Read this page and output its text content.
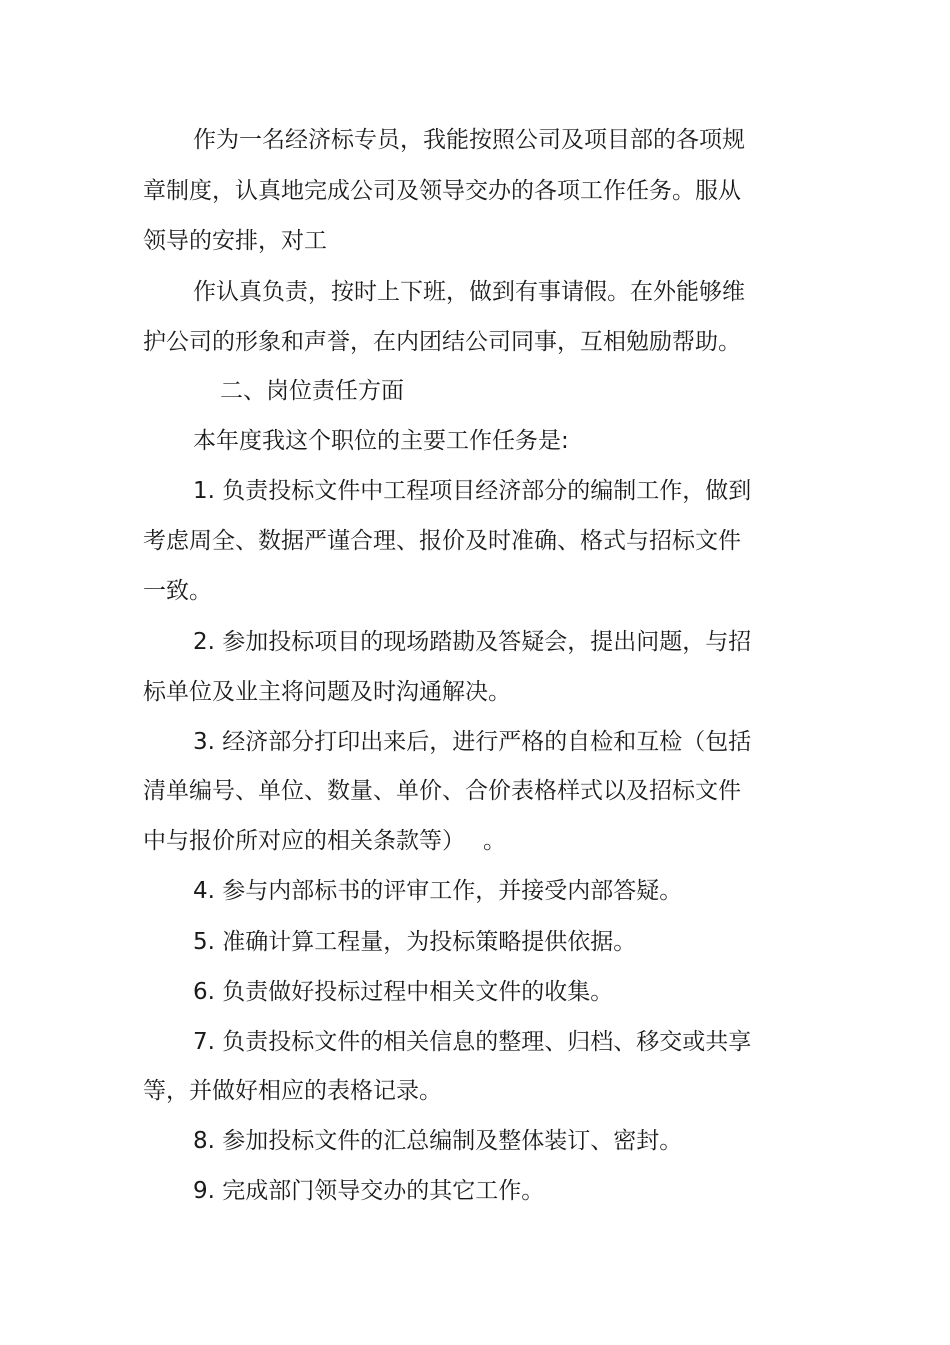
作为一名经济标专员，我能按照公司及项目部的各项规
章制度，认真地完成公司及领导交办的各项工作任务。服从
领导的安排，对工
作认真负责，按时上下班，做到有事请假。在外能够维
护公司的形象和声誉，在内团结公司同事，互相勉励帮助。
二、岗位责任方面
本年度我这个职位的主要工作任务是:
1. 负责投标文件中工程项目经济部分的编制工作，做到
考虑周全、数据严谨合理、报价及时准确、格式与招标文件
一致。
2. 参加投标项目的现场踏勘及答疑会，提出问题，与招
标单位及业主将问题及时沟通解决。
3. 经济部分打印出来后，进行严格的自检和互检（包括
清单编号、单位、数量、单价、合价表格样式以及招标文件
中与报价所对应的相关条款等） 。
4. 参与内部标书的评审工作，并接受内部答疑。
5. 准确计算工程量，为投标策略提供依据。
6. 负责做好投标过程中相关文件的收集。
7. 负责投标文件的相关信息的整理、归档、移交或共享
等，并做好相应的表格记录。
8. 参加投标文件的汇总编制及整体装订、密封。
9. 完成部门领导交办的其它工作。
